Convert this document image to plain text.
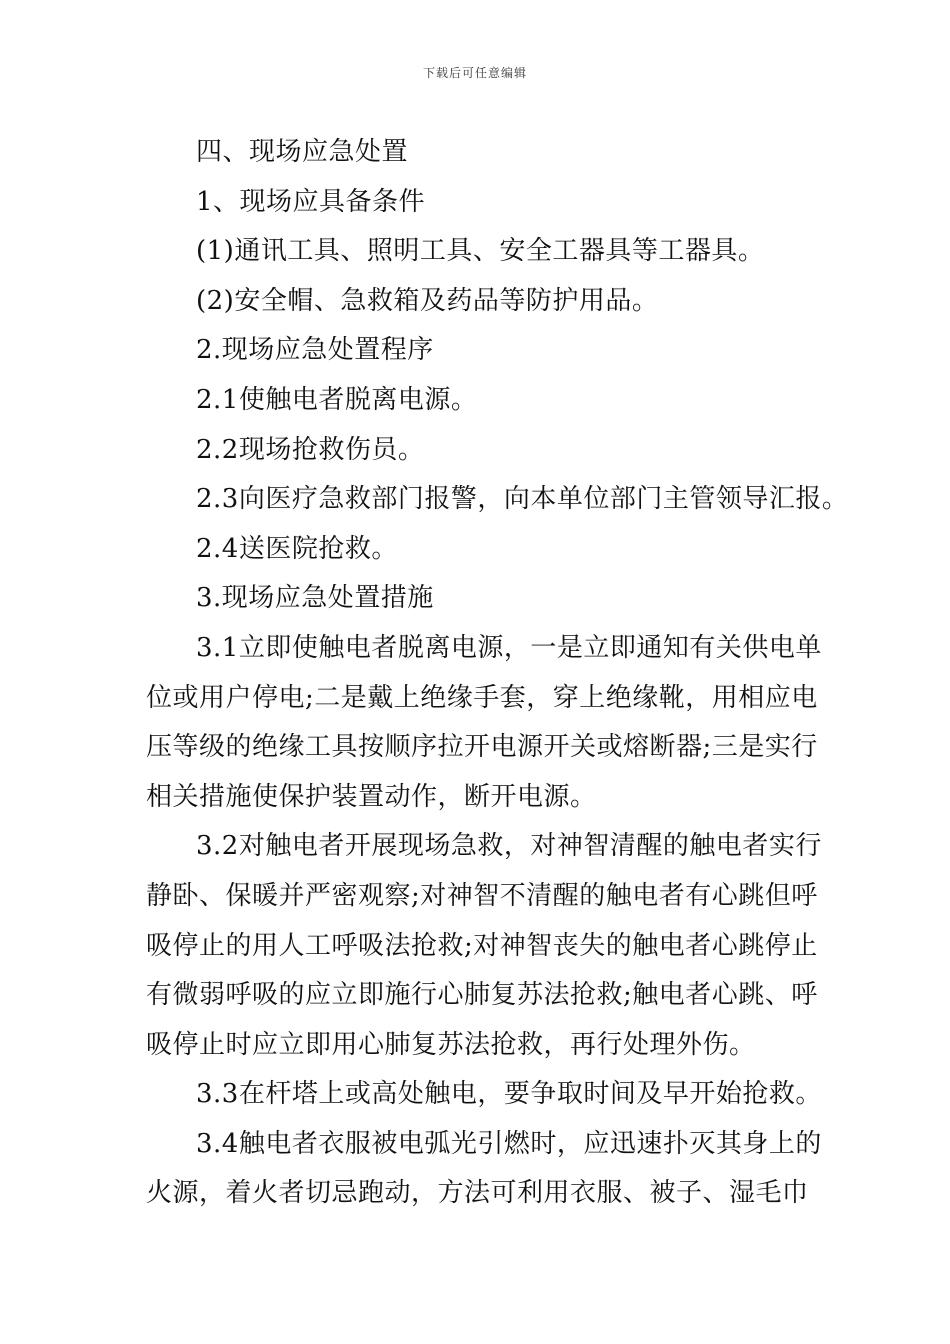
下载后可任意编辑
四、现场应急处置
1、现场应具备条件
(1)通讯工具、照明工具、安全工器具等工器具。
(2)安全帽、急救箱及药品等防护用品。
2.现场应急处置程序
2.1使触电者脱离电源。
2.2现场抢救伤员。
2.3向医疗急救部门报警，向本单位部门主管领导汇报。
2.4送医院抢救。
3.现场应急处置措施
3.1立即使触电者脱离电源，一是立即通知有关供电单
位或用户停电;二是戴上绝缘手套，穿上绝缘靴，用相应电
压等级的绝缘工具按顺序拉开电源开关或熔断器;三是实行
相关措施使保护装置动作，断开电源。
3.2对触电者开展现场急救，对神智清醒的触电者实行
静卧、保暖并严密观察;对神智不清醒的触电者有心跳但呼
吸停止的用人工呼吸法抢救;对神智丧失的触电者心跳停止
有微弱呼吸的应立即施行心肺复苏法抢救;触电者心跳、呼
吸停止时应立即用心肺复苏法抢救，再行处理外伤。
3.3在杆塔上或高处触电，要争取时间及早开始抢救。
3.4触电者衣服被电弧光引燃时，应迅速扑灭其身上的
火源，着火者切忌跑动，方法可利用衣服、被子、湿毛巾
